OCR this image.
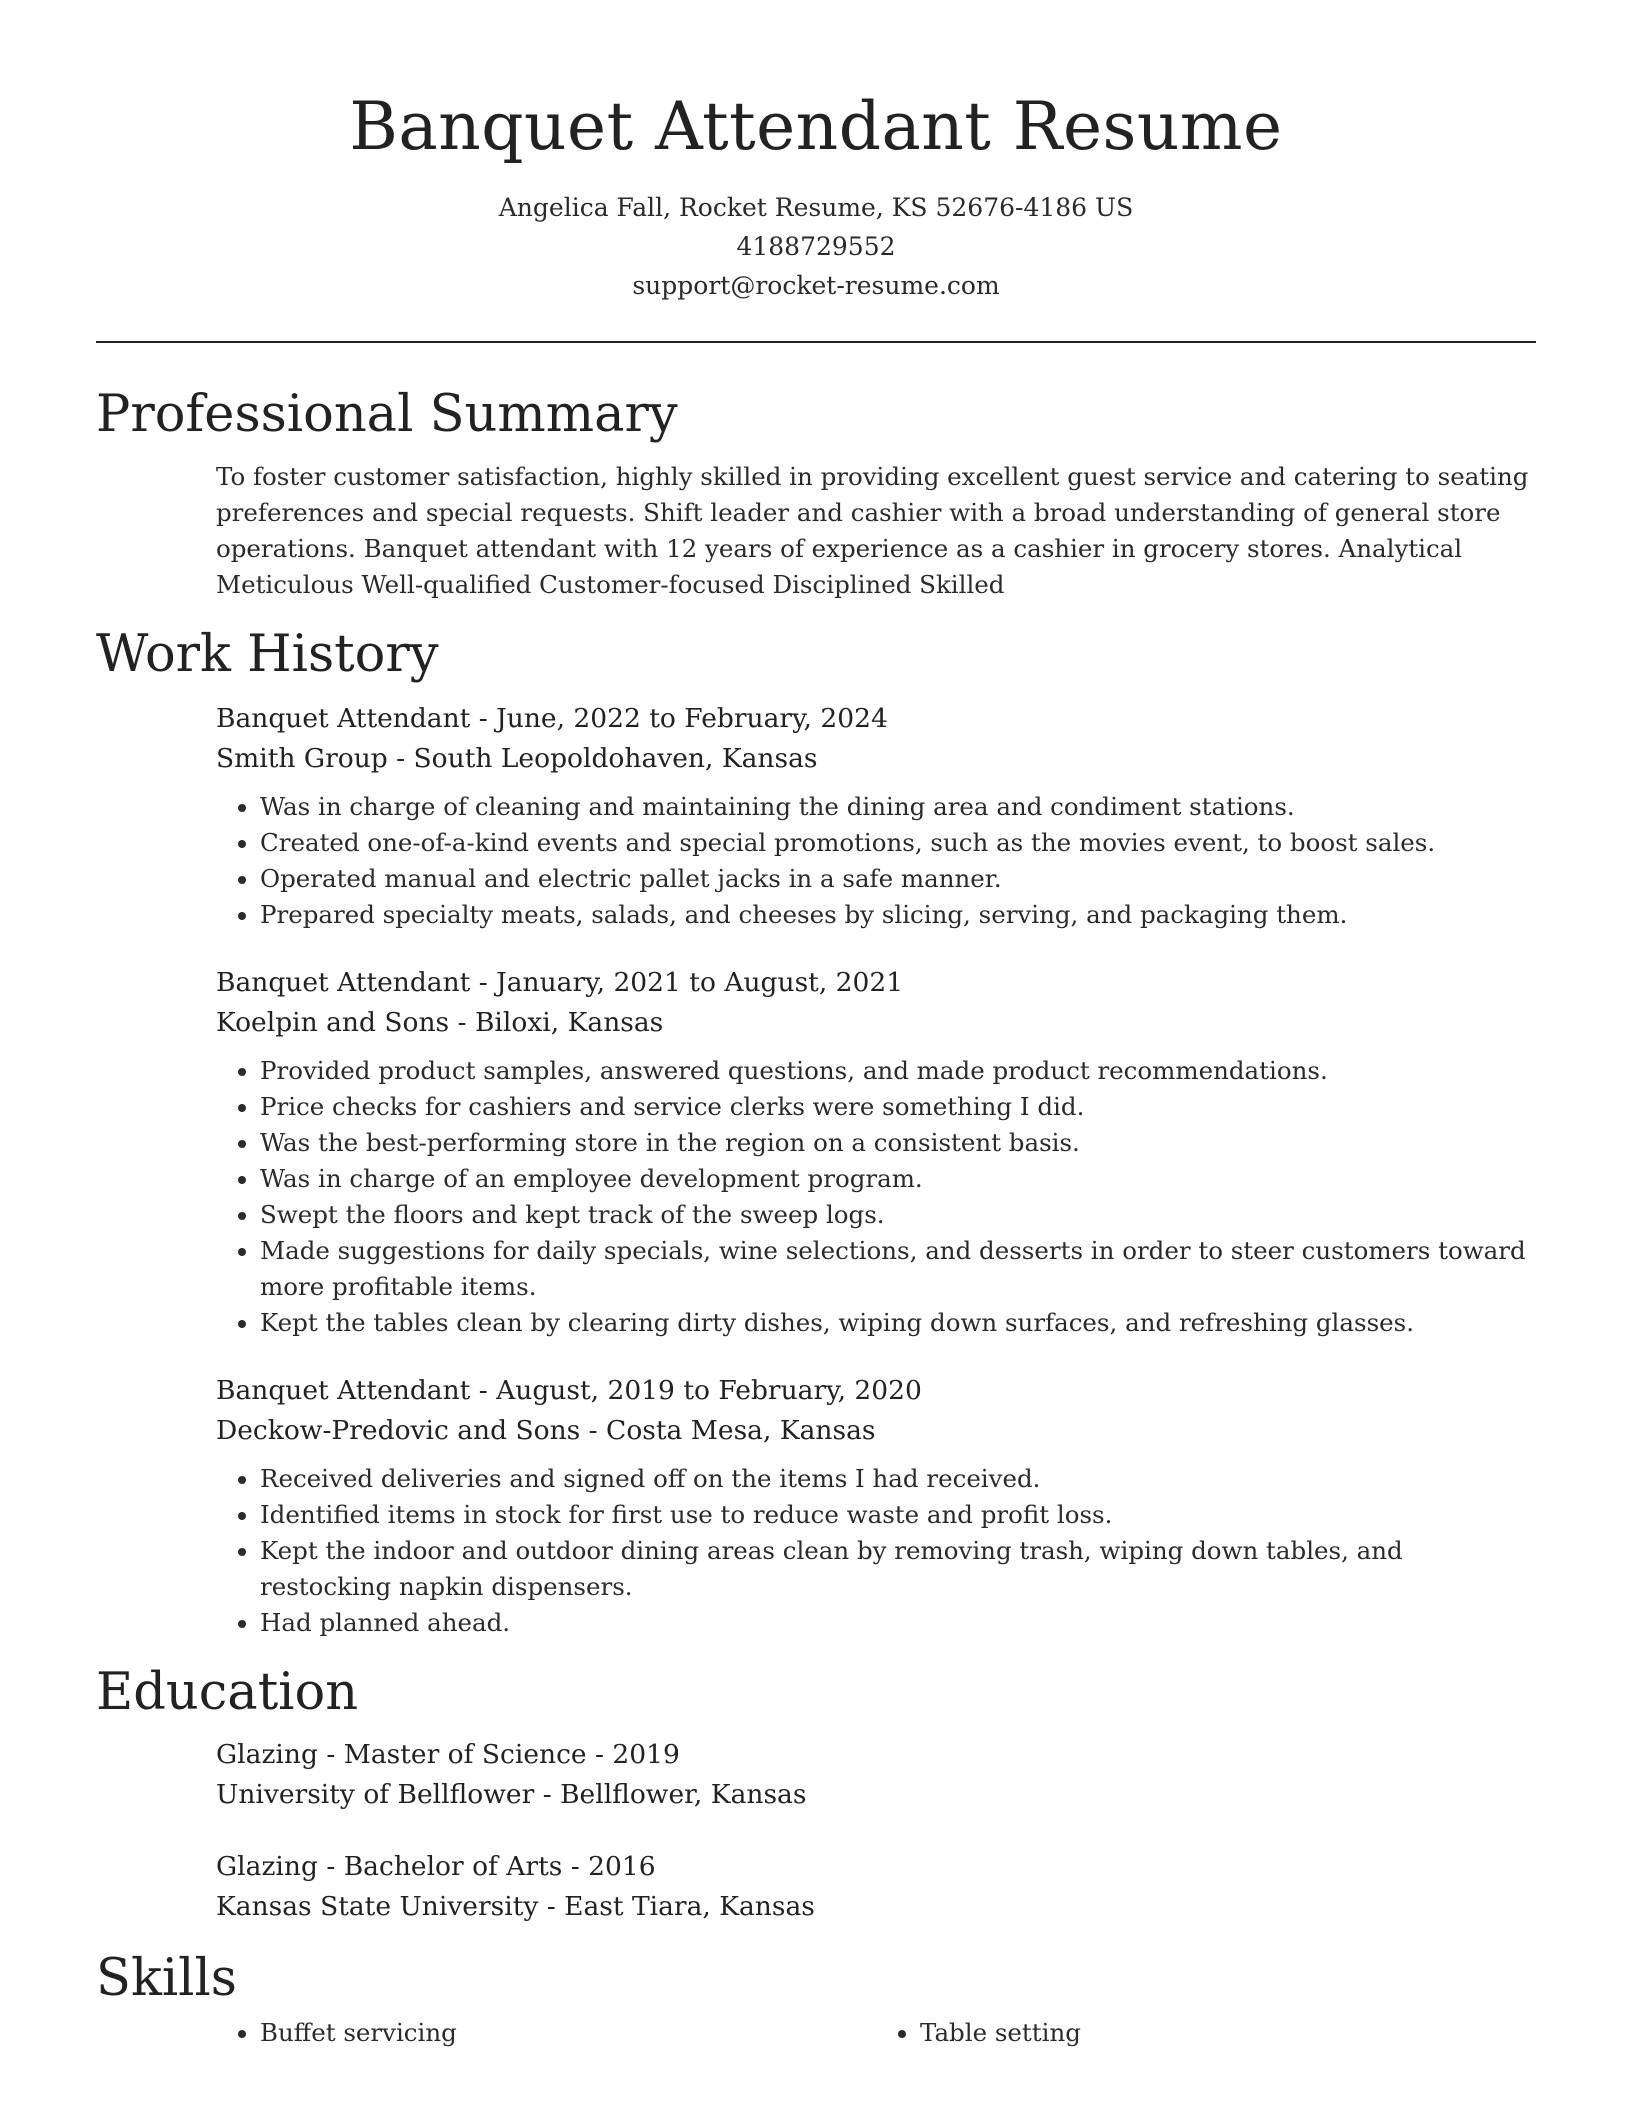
Banquet Attendant Resume
Angelica Fall, Rocket Resume, KS 52676-4186 US
4188729552
support@rocket-resume.com
Professional Summary

To foster customer satisfaction, highly skilled in providing excellent guest service and catering to seating preferences and special requests. Shift leader and cashier with a broad understanding of general store operations. Banquet attendant with 12 years of experience as a cashier in grocery stores. Analytical Meticulous Well-qualified Customer-focused Disciplined Skilled

Work History
Banquet Attendant - June, 2022 to February, 2024
Smith Group - South Leopoldohaven, Kansas
• Was in charge of cleaning and maintaining the dining area and condiment stations.
• Created one-of-a-kind events and special promotions, such as the movies event, to boost sales.
• Operated manual and electric pallet jacks in a safe manner.
• Prepared specialty meats, salads, and cheeses by slicing, serving, and packaging them.
Banquet Attendant - January, 2021 to August, 2021
Koelpin and Sons - Biloxi, Kansas
• Provided product samples, answered questions, and made product recommendations.
• Price checks for cashiers and service clerks were something I did.
• Was the best-performing store in the region on a consistent basis.
• Was in charge of an employee development program.
• Swept the floors and kept track of the sweep logs.
• Made suggestions for daily specials, wine selections, and desserts in order to steer customers toward more profitable items.
• Kept the tables clean by clearing dirty dishes, wiping down surfaces, and refreshing glasses.
Banquet Attendant - August, 2019 to February, 2020
Deckow-Predovic and Sons - Costa Mesa, Kansas
• Received deliveries and signed off on the items I had received.
• Identified items in stock for first use to reduce waste and profit loss.
• Kept the indoor and outdoor dining areas clean by removing trash, wiping down tables, and restocking napkin dispensers.
• Had planned ahead.
Education
Glazing - Master of Science - 2019
University of Bellflower - Bellflower, Kansas
Glazing - Bachelor of Arts - 2016
Kansas State University - East Tiara, Kansas
Skills
• Buffet servicing
•	Table setting
